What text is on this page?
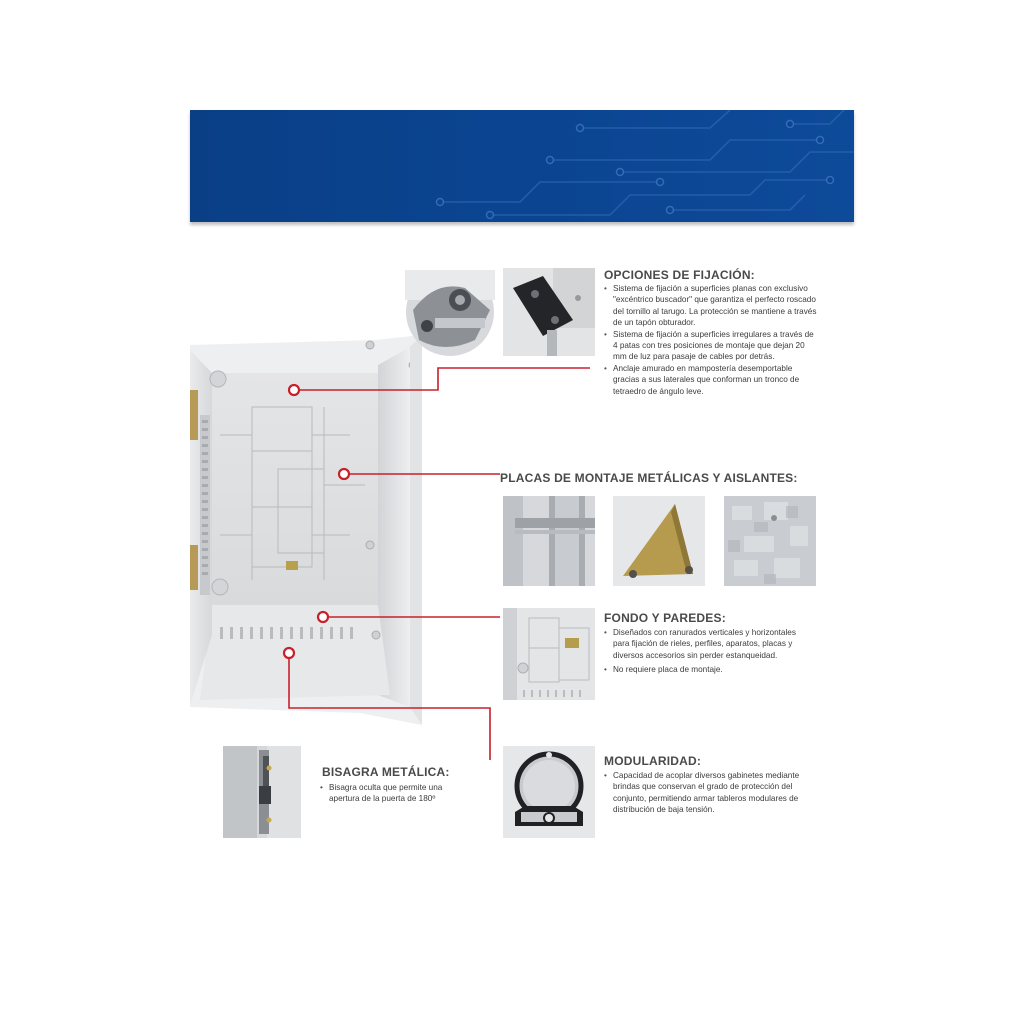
OPCIONES DE FIJACIÓN:

• Sistema de fijación a superficies planas con exclusivo "excéntrico buscador" que garantiza el perfecto roscado del tornillo al tarugo. La protección se mantiene a través de un tapón obturador.

• Sistema de fijación a superficies irregulares a través de 4 patas con tres posiciones de montaje que dejan 20 mm de luz para pasaje de cables por detrás.

• Anclaje amurado en mampostería desemportable gracias a sus laterales que conforman un tronco de tetraedro de ángulo leve.

PLACAS DE MONTAJE METÁLICAS Y AISLANTES:
FONDO Y PAREDES:

• Diseñados con ranurados verticales y horizontales para fijación de rieles, perfiles, aparatos, placas y diversos accesorios sin perder estanqueidad.

• No requiere placa de montaje.

BISAGRA METÁLICA:

• Bisagra oculta que permite una apertura de la puerta de 180º

MODULARIDAD:

• Capacidad de acoplar diversos gabinetes mediante brindas que conservan el grado de protección del conjunto, permitiendo armar tableros modulares de distribución de baja tensión.
